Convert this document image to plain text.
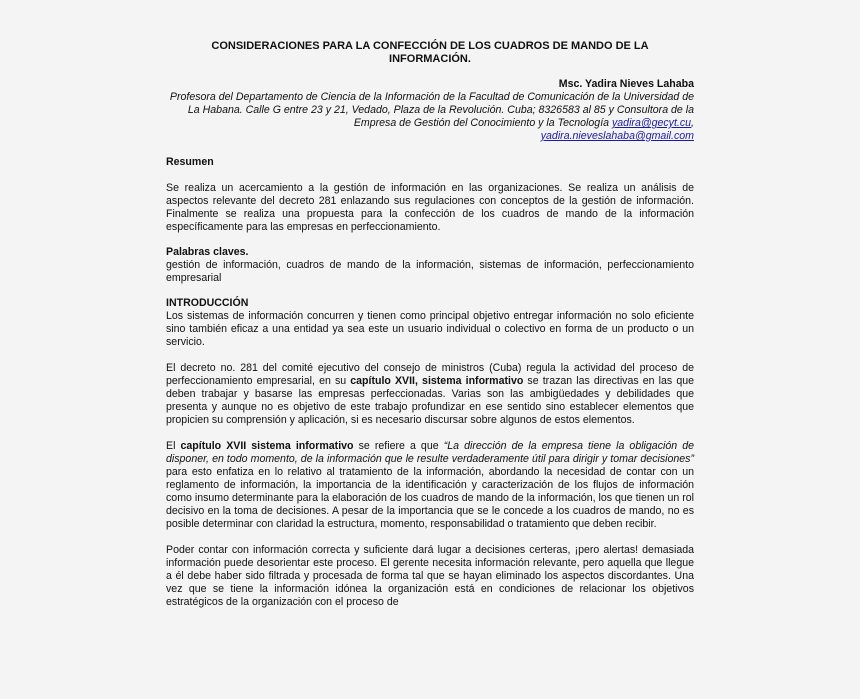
CONSIDERACIONES PARA LA CONFECCIÓN DE LOS CUADROS DE MANDO DE LA INFORMACIÓN.
Msc. Yadira Nieves Lahaba
Profesora del Departamento de Ciencia de la Información de la Facultad de Comunicación de la Universidad de La Habana. Calle G entre 23 y 21, Vedado, Plaza de la Revolución. Cuba; 8326583 al 85 y Consultora de la Empresa de Gestión del Conocimiento y la Tecnología yadira@gecyt.cu,
yadira.nieveslahaba@gmail.com
Resumen

Se realiza un acercamiento a la gestión de información en las organizaciones. Se realiza un análisis de aspectos relevante del decreto 281 enlazando sus regulaciones con conceptos de la gestión de información. Finalmente se realiza una propuesta para la confección de los cuadros de mando de la información específicamente para las empresas en perfeccionamiento.

Palabras claves.

gestión de información, cuadros de mando de la información, sistemas de información, perfeccionamiento empresarial

INTRODUCCIÓN

Los sistemas de información concurren y tienen como principal objetivo entregar información no solo eficiente sino también eficaz a una entidad ya sea este un usuario individual o colectivo en forma de un producto o un servicio.

El decreto no. 281 del comité ejecutivo del consejo de ministros (Cuba) regula la actividad del proceso de perfeccionamiento empresarial, en su capítulo XVII, sistema informativo se trazan las directivas en las que deben trabajar y basarse las empresas perfeccionadas. Varias son las ambigüedades y debilidades que presenta y aunque no es objetivo de este trabajo profundizar en ese sentido sino establecer elementos que propicien su comprensión y aplicación, si es necesario discursar sobre algunos de estos elementos.

El capítulo XVII sistema informativo se refiere a que “La dirección de la empresa tiene la obligación de disponer, en todo momento, de la información que le resulte verdaderamente útil para dirigir y tomar decisiones” para esto enfatiza en lo relativo al tratamiento de la información, abordando la necesidad de contar con un reglamento de información, la importancia de la identificación y caracterización de los flujos de información como insumo determinante para la elaboración de los cuadros de mando de la información, los que tienen un rol decisivo en la toma de decisiones. A pesar de la importancia que se le concede a los cuadros de mando, no es posible determinar con claridad la estructura, momento, responsabilidad o tratamiento que deben recibir.

Poder contar con información correcta y suficiente dará lugar a decisiones certeras, ¡pero alertas! demasiada información puede desorientar este proceso. El gerente necesita información relevante, pero aquella que llegue a él debe haber sido filtrada y procesada de forma tal que se hayan eliminado los aspectos discordantes. Una vez que se tiene la información idónea la organización está en condiciones de relacionar los objetivos estratégicos de la organización con el proceso de
